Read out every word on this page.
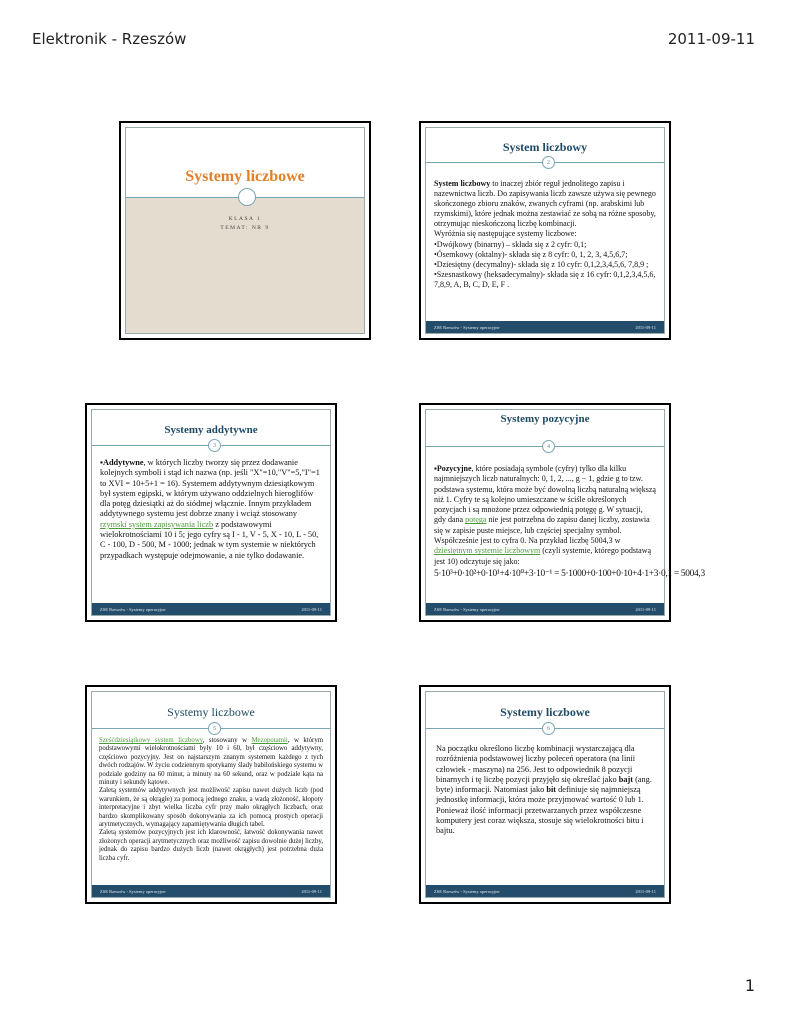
Elektronik - Rzeszów	2011-09-11
Systemy liczbowe
KLASA 1
TEMAT: NR 9
System liczbowy
2
System liczbowy to inaczej zbiór reguł jednolitego zapisu i nazewnictwa liczb. Do zapisywania liczb zawsze używa się pewnego skończonego zbioru znaków, zwanych cyframi (np. arabskimi lub rzymskimi), które jednak można zestawiać ze sobą na różne sposoby, otrzymując nieskończoną liczbę kombinacji.
Wyróżnia się następujące systemy liczbowe:
•Dwójkowy (binarny) – składa się z 2 cyfr: 0,1;
•Ósemkowy (oktalny)- składa się z 8 cyfr: 0, 1, 2, 3, 4,5,6,7;
•Dziesiętny (decymalny)- składa się z 10 cyfr: 0,1,2,3,4,5,6, 7,8,9 ;
•Szesnastkowy (heksadecymalny)- składa się z 16 cyfr: 0,1,2,3,4,5,6, 7,8,9, A, B, C, D, E, F .
ZSE Rzeszów - Systemy operacyjne	2011-09-11
Systemy addytywne
3
▪Addytywne, w których liczby tworzy się przez dodawanie kolejnych symboli i stąd ich nazwa (np. jeśli "X"=10,"V"=5,"I"=1 to XVI = 10+5+1 = 16). Systemem addytywnym dziesiątkowym był system egipski, w którym używano oddzielnych hieroglifów dla potęg dziesiątki aż do siódmej włącznie. Innym przykładem addytywnego systemu jest dobrze znany i wciąż stosowany rzymski system zapisywania liczb z podstawowymi wielokrotnościami 10 i 5; jego cyfry są I - 1, V - 5, X - 10, L - 50, C - 100, D - 500, M - 1000; jednak w tym systemie w niektórych przypadkach występuje odejmowanie, a nie tylko dodawanie.
ZSE Rzeszów - Systemy operacyjne	2011-09-11
Systemy pozycyjne
4
▪Pozycyjne, które posiadają symbole (cyfry) tylko dla kilku najmniejszych liczb naturalnych: 0, 1, 2, ..., g − 1, gdzie g to tzw. podstawa systemu, która może być dowolną liczbą naturalną większą niż 1. Cyfry te są kolejno umieszczane w ściśle określonych pozycjach i są mnożone przez odpowiednią potęgę g. W sytuacji, gdy dana potęga nie jest potrzebna do zapisu danej liczby, zostawia się w zapisie puste miejsce, lub częściej specjalny symbol. Współcześnie jest to cyfra 0. Na przykład liczbę 5004,3 w dziesiętnym systemie liczbowym (czyli systemie, którego podstawą jest 10) odczytuje się jako:
5·10³+0·10²+0·10¹+4·10⁰+3·10⁻¹ = 5·1000+0·100+0·10+4·1+3·0,1 = 5004,3
ZSE Rzeszów - Systemy operacyjne	2011-09-11
Systemy liczbowe
5
Sześćdziesiątkowy system liczbowy, stosowany w Mezopotamii, w którym podstawowymi wielokrotnościami były 10 i 60, był częściowo addytywny, częściowo pozycyjny. Jest on najstarszym znanym systemem każdego z tych dwóch rodzajów. W życiu codziennym spotykamy ślady babilońskiego systemu w podziale godziny na 60 minut, a minuty na 60 sekund, oraz w podziale kąta na minuty i sekundy kątowe.
Zaletą systemów addytywnych jest możliwość zapisu nawet dużych liczb (pod warunkiem, że są okrągłe) za pomocą jednego znaku, a wadą złożoność, kłopoty interpretacyjne i zbyt wielka liczba cyfr przy mało okrągłych liczbach, oraz bardzo skomplikowany sposób dokonywania za ich pomocą prostych operacji arytmetycznych, wymagający zapamiętywania długich tabel.
Zaletą systemów pozycyjnych jest ich klarowność, łatwość dokonywania nawet złożonych operacji arytmetycznych oraz możliwość zapisu dowolnie dużej liczby, jednak do zapisu bardzo dużych liczb (nawet okrągłych) jest potrzebna duża liczba cyfr.
ZSE Rzeszów - Systemy operacyjne	2011-09-11
Systemy liczbowe
6
Na początku określono liczbę kombinacji wystarczającą dla rozróżnienia podstawowej liczby poleceń operatora (na linii człowiek - maszyna) na 256. Jest to odpowiednik 8 pozycji binarnych i tę liczbę pozycji przyjęło się określać jako bajt (ang. byte) informacji. Natomiast jako bit definiuje się najmniejszą jednostkę informacji, która może przyjmować wartość 0 lub 1. Ponieważ ilość informacji przetwarzanych przez współczesne komputery jest coraz większa, stosuje się wielokrotności bitu i bajtu.
ZSE Rzeszów - Systemy operacyjne	2011-09-11
1
